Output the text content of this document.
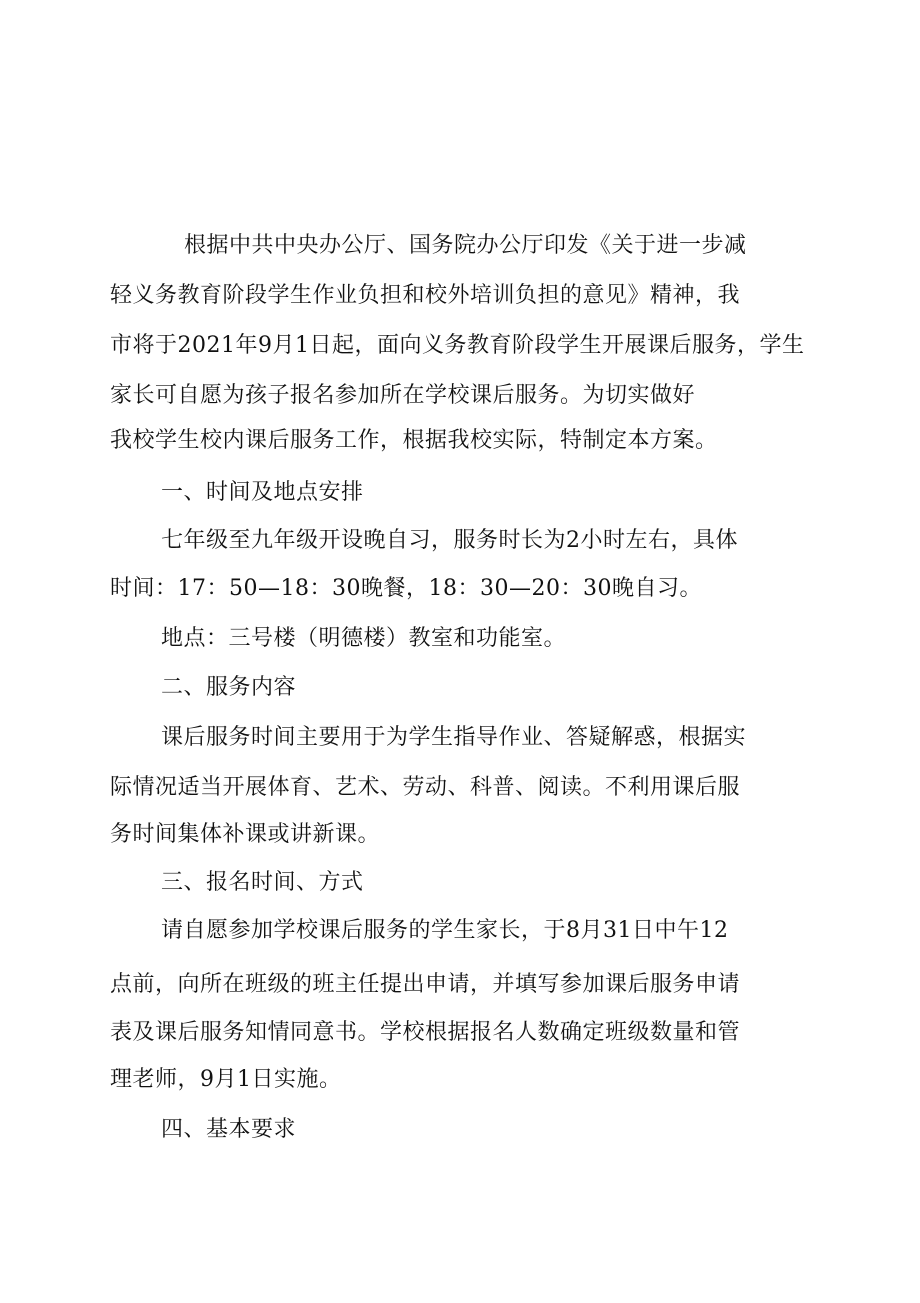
根据中共中央办公厅、国务院办公厅印发《关于进一步减
轻义务教育阶段学生作业负担和校外培训负担的意见》精神，我
市将于2021年9月1日起，面向义务教育阶段学生开展课后服务，学生
家长可自愿为孩子报名参加所在学校课后服务。为切实做好
我校学生校内课后服务工作，根据我校实际，特制定本方案。
一、时间及地点安排
七年级至九年级开设晚自习，服务时长为2小时左右，具体
时间：17：50—18：30晚餐，18：30—20：30晚自习。
地点：三号楼（明德楼）教室和功能室。
二、服务内容
课后服务时间主要用于为学生指导作业、答疑解惑，根据实
际情况适当开展体育、艺术、劳动、科普、阅读。不利用课后服
务时间集体补课或讲新课。
三、报名时间、方式
请自愿参加学校课后服务的学生家长，于8月31日中午12
点前，向所在班级的班主任提出申请，并填写参加课后服务申请
表及课后服务知情同意书。学校根据报名人数确定班级数量和管
理老师，9月1日实施。
四、基本要求
